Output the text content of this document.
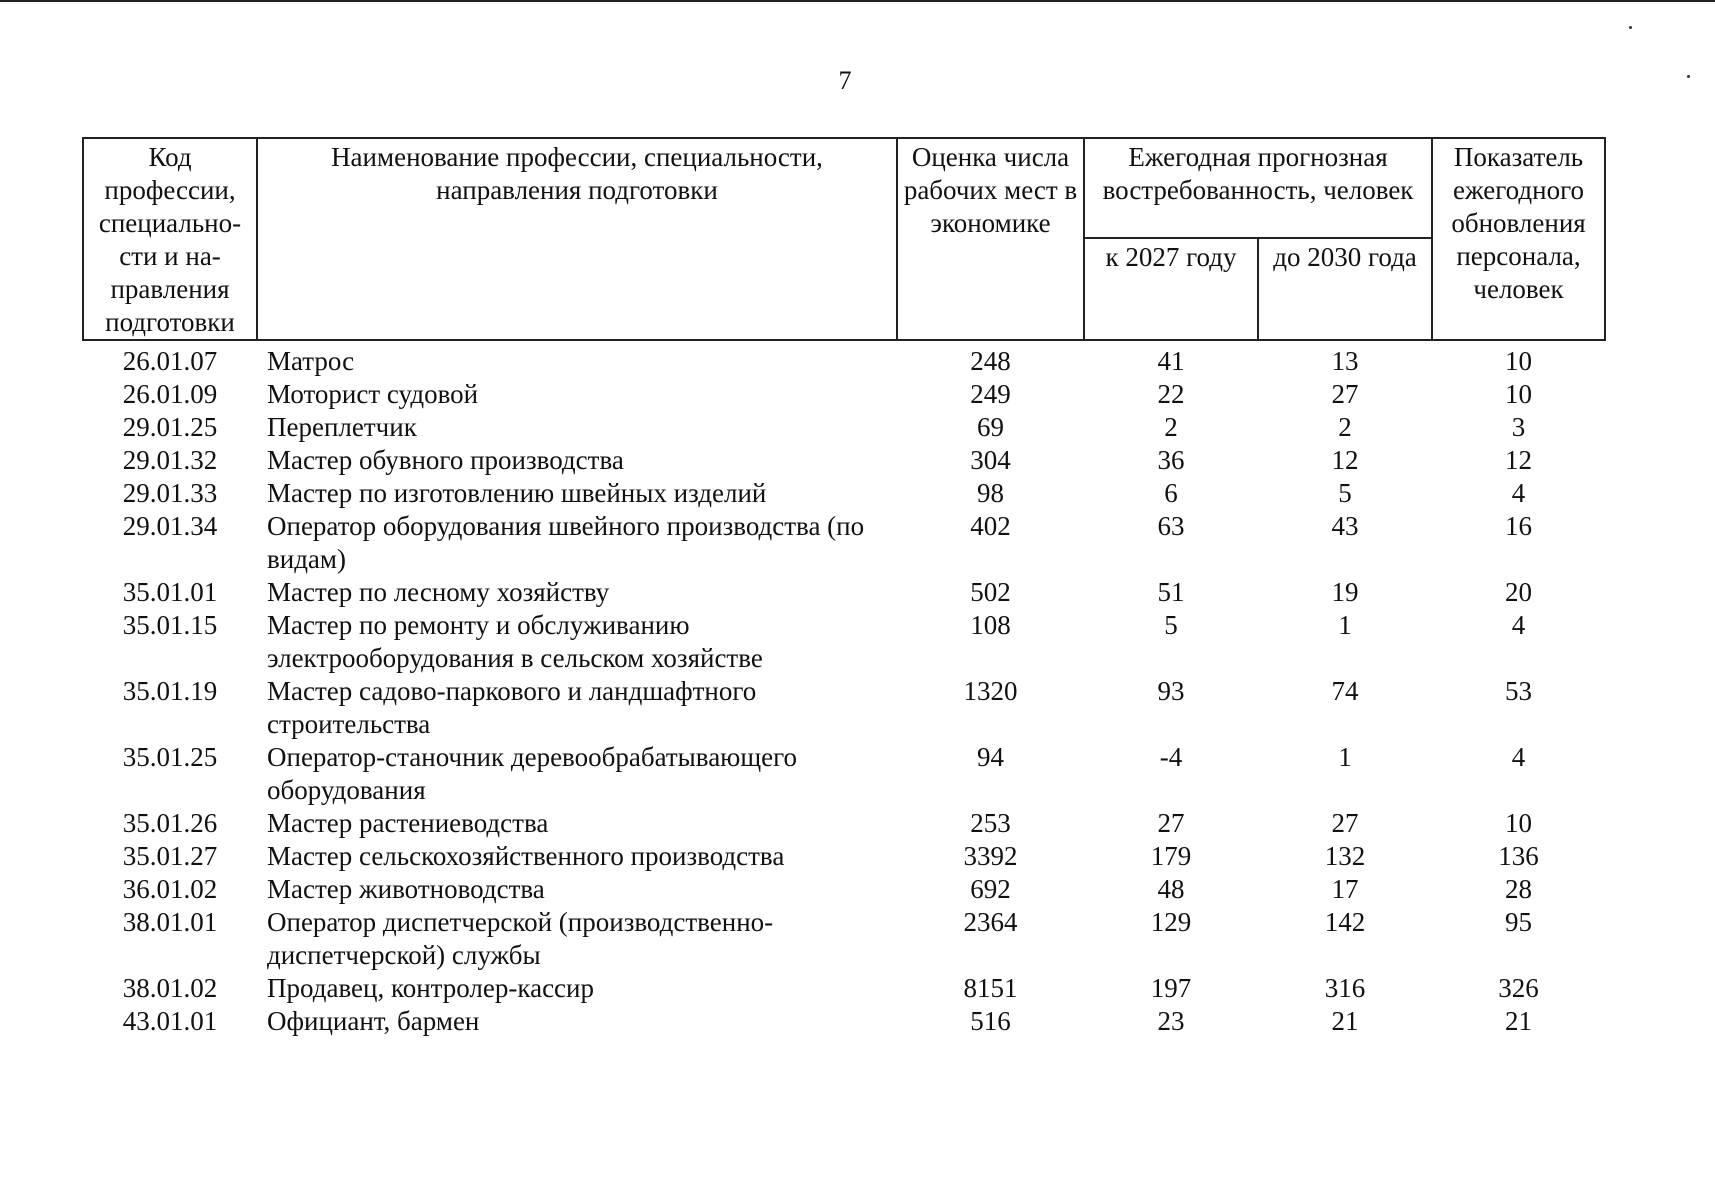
7
Код профессии, специально-сти и на-правления подготовки	Наименование профессии, специальности, направления подготовки	Оценка числа рабочих мест в экономике	Ежегодная прогнозная востребованность, человек		Показатель ежегодного обновления персонала, человек
			к 2027 году	до 2030 года	
26.01.07	Матрос	248	41	13	10
26.01.09	Моторист судовой	249	22	27	10
29.01.25	Переплетчик	69	2	2	3
29.01.32	Мастер обувного производства	304	36	12	12
29.01.33	Мастер по изготовлению швейных изделий	98	6	5	4
29.01.34	Оператор оборудования швейного производства (по видам)	402	63	43	16
35.01.01	Мастер по лесному хозяйству	502	51	19	20
35.01.15	Мастер по ремонту и обслуживанию электрооборудования в сельском хозяйстве	108	5	1	4
35.01.19	Мастер садово-паркового и ландшафтного строительства	1320	93	74	53
35.01.25	Оператор-станочник деревообрабатывающего оборудования	94	-4	1	4
35.01.26	Мастер растениеводства	253	27	27	10
35.01.27	Мастер сельскохозяйственного производства	3392	179	132	136
36.01.02	Мастер животноводства	692	48	17	28
38.01.01	Оператор диспетчерской (производственно-диспетчерской) службы	2364	129	142	95
38.01.02	Продавец, контролер-кассир	8151	197	316	326
43.01.01	Официант, бармен	516	23	21	21
